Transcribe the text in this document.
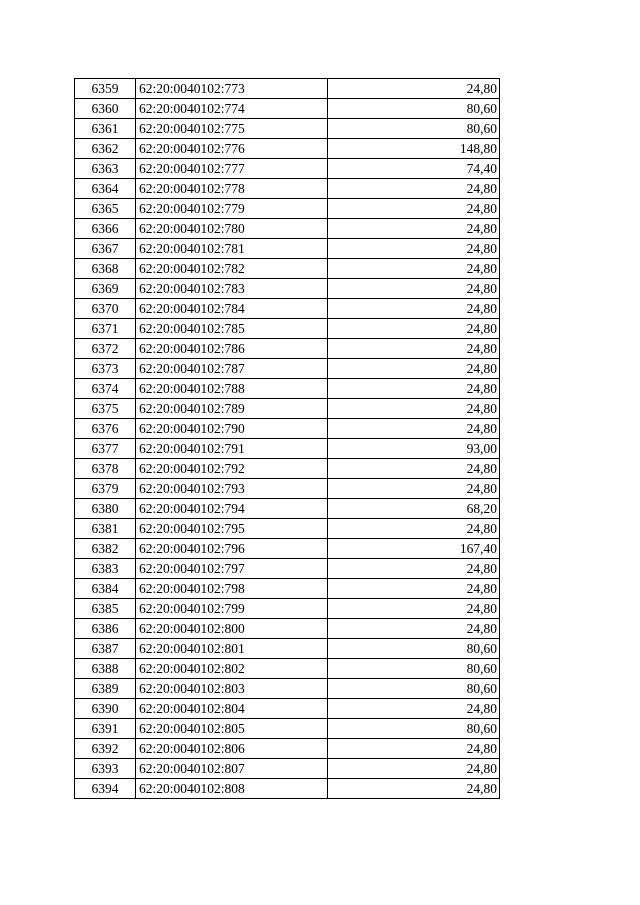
6359	62:20:0040102:773	24,80
6360	62:20:0040102:774	80,60
6361	62:20:0040102:775	80,60
6362	62:20:0040102:776	148,80
6363	62:20:0040102:777	74,40
6364	62:20:0040102:778	24,80
6365	62:20:0040102:779	24,80
6366	62:20:0040102:780	24,80
6367	62:20:0040102:781	24,80
6368	62:20:0040102:782	24,80
6369	62:20:0040102:783	24,80
6370	62:20:0040102:784	24,80
6371	62:20:0040102:785	24,80
6372	62:20:0040102:786	24,80
6373	62:20:0040102:787	24,80
6374	62:20:0040102:788	24,80
6375	62:20:0040102:789	24,80
6376	62:20:0040102:790	24,80
6377	62:20:0040102:791	93,00
6378	62:20:0040102:792	24,80
6379	62:20:0040102:793	24,80
6380	62:20:0040102:794	68,20
6381	62:20:0040102:795	24,80
6382	62:20:0040102:796	167,40
6383	62:20:0040102:797	24,80
6384	62:20:0040102:798	24,80
6385	62:20:0040102:799	24,80
6386	62:20:0040102:800	24,80
6387	62:20:0040102:801	80,60
6388	62:20:0040102:802	80,60
6389	62:20:0040102:803	80,60
6390	62:20:0040102:804	24,80
6391	62:20:0040102:805	80,60
6392	62:20:0040102:806	24,80
6393	62:20:0040102:807	24,80
6394	62:20:0040102:808	24,80
